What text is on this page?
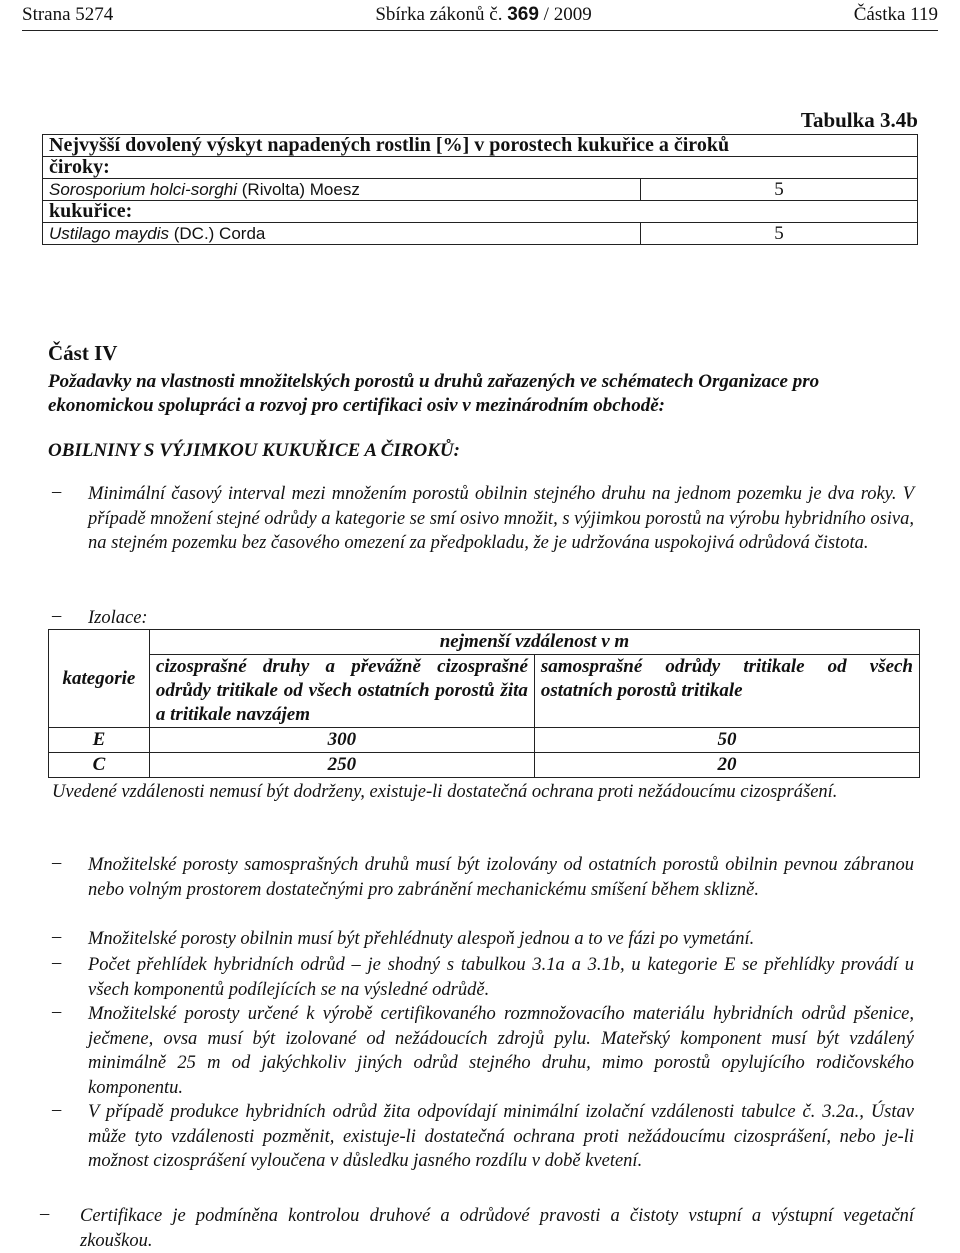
Strana 5274	Sbírka zákonů č. 369 / 2009	Částka 119
Tabulka 3.4b
Nejvyšší dovolený výskyt napadených rostlin [%] v porostech kukuřice a čiroků	
čiroky:	
Sorosporium holci-sorghi (Rivolta) Moesz	5
kukuřice:	
Ustilago maydis (DC.) Corda	5
Část IV
Požadavky na vlastnosti množitelských porostů u druhů zařazených ve schématech Organizace pro ekonomickou spolupráci a rozvoj pro certifikaci osiv v mezinárodním obchodě:
OBILNINY S VÝJIMKOU KUKUŘICE A ČIROKŮ:
– Minimální časový interval mezi množením porostů obilnin stejného druhu na jednom pozemku je dva roky. V případě množení stejné odrůdy a kategorie se smí osivo množit, s výjimkou porostů na výrobu hybridního osiva, na stejném pozemku bez časového omezení za předpokladu, že je udržována uspokojivá odrůdová čistota.
– Izolace:
kategorie	nejmenší vzdálenost v m	
	cizosprašné druhy a převážně cizosprašné odrůdy tritikale od všech ostatních porostů žita a tritikale navzájem	samosprašné odrůdy tritikale od všech ostatních porostů tritikale
E	300	50
C	250	20
Uvedené vzdálenosti nemusí být dodrženy, existuje-li dostatečná ochrana proti nežádoucímu cizosprášení.
– Množitelské porosty samosprašných druhů musí být izolovány od ostatních porostů obilnin pevnou zábranou nebo volným prostorem dostatečnými pro zabránění mechanickému smíšení během sklizně.
– Množitelské porosty obilnin musí být přehlédnuty alespoň jednou a to ve fázi po vymetání.
– Počet přehlídek hybridních odrůd – je shodný s tabulkou 3.1a a 3.1b, u kategorie E se přehlídky provádí u všech komponentů podílejících se na výsledné odrůdě.
– Množitelské porosty určené k výrobě certifikovaného rozmnožovacího materiálu hybridních odrůd pšenice, ječmene, ovsa musí být izolované od nežádoucích zdrojů pylu. Mateřský komponent musí být vzdálený minimálně 25 m od jakýchkoliv jiných odrůd stejného druhu, mimo porostů opylujícího rodičovského komponentu.
– V případě produkce hybridních odrůd žita odpovídají minimální izolační vzdálenosti tabulce č. 3.2a., Ústav může tyto vzdálenosti pozměnit, existuje-li dostatečná ochrana proti nežádoucímu cizosprášení, nebo je-li možnost cizosprášení vyloučena v důsledku jasného rozdílu v době kvetení.
– Certifikace je podmíněna kontrolou druhové a odrůdové pravosti a čistoty vstupní a výstupní vegetační zkouškou.
